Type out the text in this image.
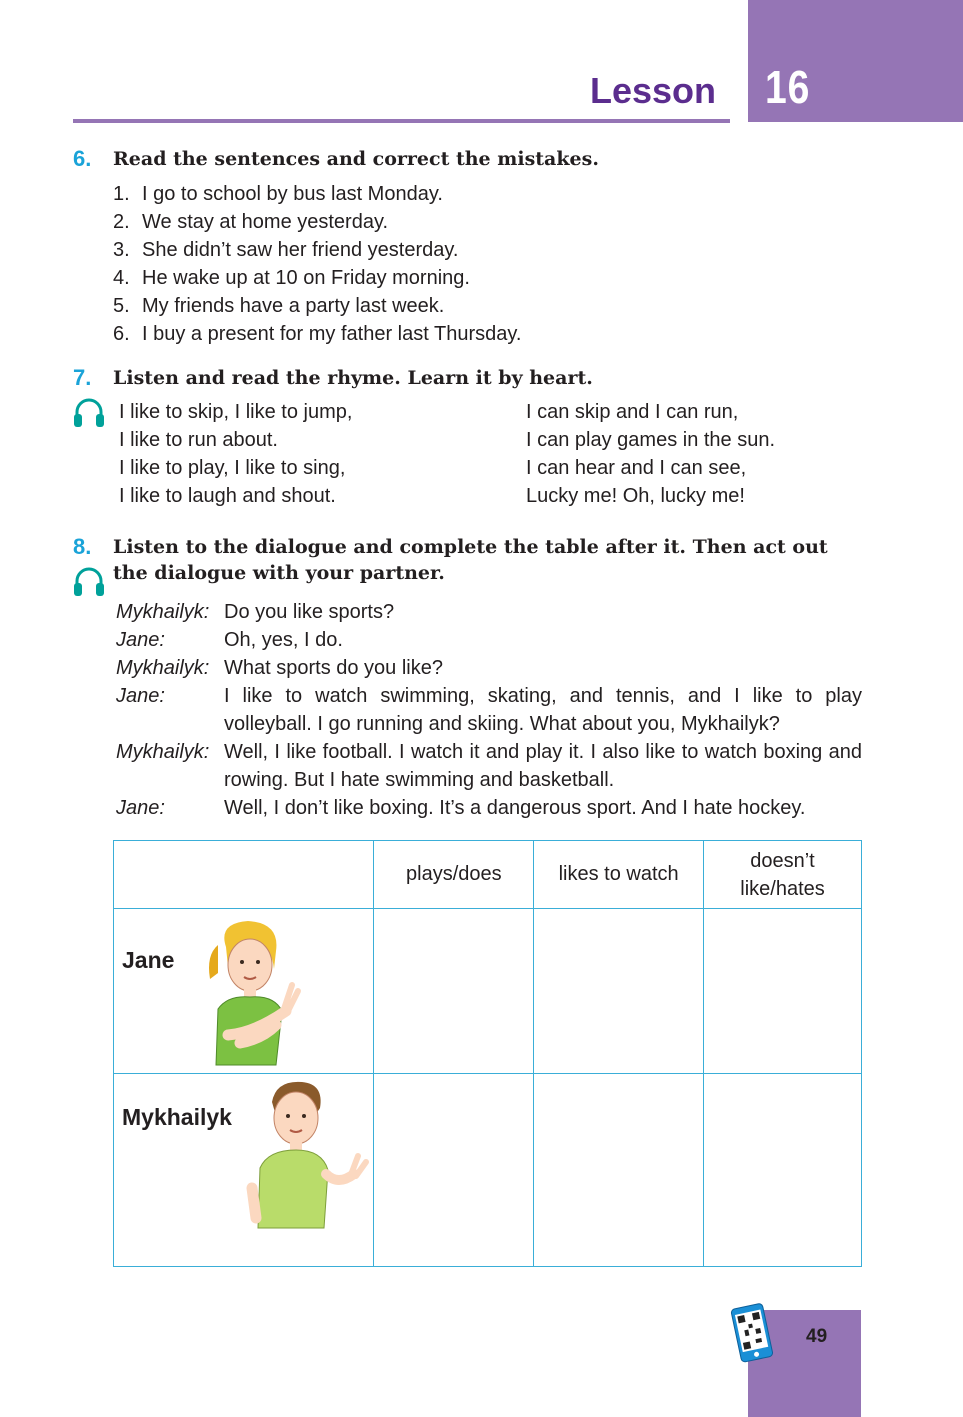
16
Lesson
6. Read the sentences and correct the mistakes.
1. I go to school by bus last Monday.
2. We stay at home yesterday.
3. She didn’t saw her friend yesterday.
4. He wake up at 10 on Friday morning.
5. My friends have a party last week.
6. I buy a present for my father last Thursday.
7. Listen and read the rhyme. Learn it by heart.
I like to skip, I like to jump,
I like to run about.
I like to play, I like to sing,
I like to laugh and shout.
I can skip and I can run,
I can play games in the sun.
I can hear and I can see,
Lucky me! Oh, lucky me!
8. Listen to the dialogue and complete the table after it. Then act out
the dialogue with your partner.
Mykhailyk: Do you like sports?
Jane:	Oh, yes, I do.
Mykhailyk: What sports do you like?
Jane:	I like to watch swimming, skating, and tennis, and I like to play volleyball. I go running and skiing. What about you, Mykhailyk?
Mykhailyk: Well, I like football. I watch it and play it. I also like to watch boxing and rowing. But I hate swimming and basketball.
Jane:	Well, I don’t like boxing. It’s a dangerous sport. And I hate hockey.
	plays/does	likes to watch	doesn’t like/hates

Jane			

Mykhailyk			

49
